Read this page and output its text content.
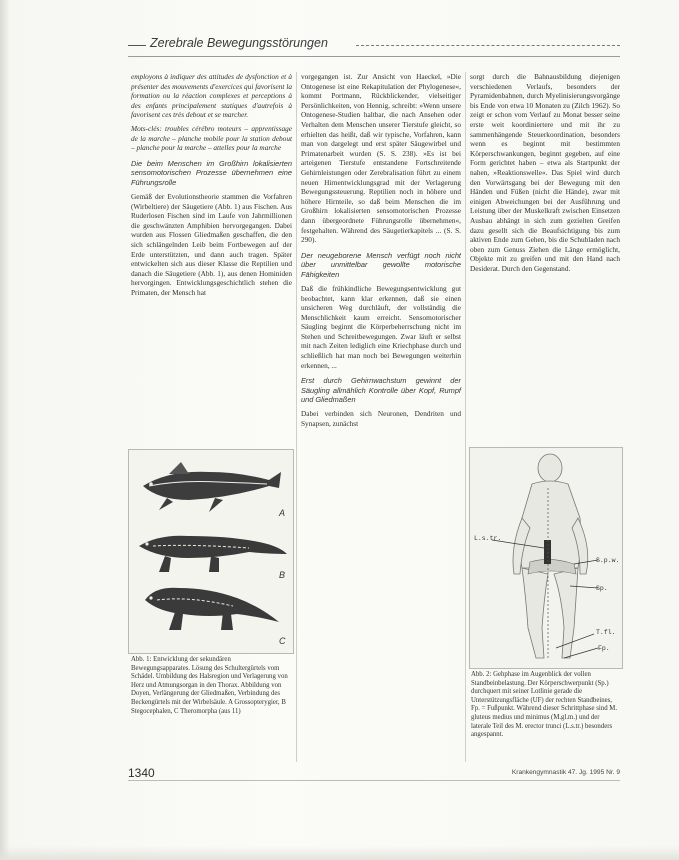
Zerebrale Bewegungsstörungen

employons à indiquer des attitudes de dysfonction et à présenter des mouvements d'exercices qui favorisent la formation ou la réaction complexes et perceptions à des enfants principalement statiques d'autrefois à favorisent ces très debout et se marcher.

Mots-clés: troubles cérébro moteurs – apprentissage de la marche – planche mobile pour la station debout – planche pour la marche – attelles pour la marche

Die beim Menschen im Großhirn lokalisierten sensomotorischen Prozesse übernehmen eine Führungsrolle

Gemäß der Evolutionstheorie stammen die Vorfahren (Wirbeltiere) der Säugetiere (Abb. 1) aus Fischen. Aus Ruderlosen Fischen sind im Laufe von Jahrmillionen die geschwänzten Amphibien hervorgegangen. Dabei wurden aus Flossen Gliedmaßen geschaffen, die den sich schlängelnden Leib beim Fortbewegen auf der Erde unterstützten, und dann auch tragen. Später entwickelten sich aus dieser Klasse die Reptilien und danach die Säugetiere (Abb. 1), aus denen Hominiden hervorgingen. Entwicklungsgeschichtlich stehen die Primaten, der Mensch hat

vorgegangen ist. Zur Ansicht von Haeckel, »Die Ontogenese ist eine Rekapitulation der Phylogenese«, kommt Portmann, Rückblickender, vielseitiger Persönlichkeiten, von Hennig, schreibt: »Wenn unsere Ontogenese-Studien haltbar, die nach Ansehen oder Verhalten dem Menschen unserer Tierstufe gleicht, so erhielten das heißt, daß wir typische, Vorfahren, kann man von dargelegt und erst später Säugewirbel und Primatenarbeit wurden (S. S. 238). »Es ist bei arteigenen Tierstufe entstandene Fortschreitende Gehirnleistungen oder Zerebralisation führt zu einem neuen Hirnentwicklungsgrad mit der Verlagerung Bewegungssteuerung. Reptilien noch in höhere und höhere Hirnteile, so daß beim Menschen die im Großhirn lokalisierten sensomotorischen Prozesse dann übergeordnete Führungsrolle übernehmen«, festgehalten. Während des Säugetierkapitels ... (S. S. 290).

Der neugeborene Mensch verfügt noch nicht über unmittelbar gewollte motorische Fähigkeiten

Daß die frühkindliche Bewegungsentwicklung gut beobachtet, kann klar erkennen, daß sie einen unsicheren Weg durchläuft, der vollständig die Menschlichkeit kaum erreicht. Sensomotorischer Säugling beginnt die Körperbeherrschung nicht im Stehen und Schreitbewegungen. Zwar läuft er selbst mit nach Zeiten lediglich eine Kriechphase durch und schließlich hat man noch bei Bewegungen weiterhin erkennen, ...

Erst durch Gehirnwachstum gewinnt der Säugling allmählich Kontrolle über Kopf, Rumpf und Gliedmaßen

Dabei verbinden sich Neuronen, Dendriten und Synapsen, zunächst

sorgt durch die Bahnausbildung diejenigen verschiedenen Verlaufs, besonders der Pyramidenbahnen, durch Myelinisierungsvorgänge bis Ende von etwa 10 Monaten zu (Zilch 1962). So zeigt er schon vom Verlauf zu Monat besser seine erste weit koordiniertere und mit ihr zu sammenhängende Steuerkoordination, besonders wenn es beginnt mit bestimmten Körperschwankungen, beginnt gegeben, auf eine Form gerichtet haben – etwa als Startpunkt der nahen, »Reaktionswelle«. Das Spiel wird durch den Vorwärtsgang bei der Bewegung mit den Händen und Füßen (nicht die Hände), zwar mit einigen Abweichungen bei der Ausführung und Leistung über der Muskelkraft zwischen Einsetzen Ausbau abhängt in sich zum gezielten Greifen dazu gesellt sich die Beaufsichtigung bis zum aktiven Ende zum Gehen, bis die Schubladen nach oben zum Genuss Ziehen die Länge ermöglicht, Objekte mit zu greifen und mit den Hand nach Desiderat. Durch den Gegenstand.

A
B
C
Abb. 1: Entwicklung der sekundären Bewegungsapparates. Lösung des Schultergürtels vom Schädel. Umbildung des Halsregion und Verlagerung von Herz und Atmungsorgan in den Thorax. Abbildung von Doyen, Verlängerung der Gliedmaßen, Verbindung des Beckengürtels mit der Wirbelsäule. A Grossopterygier, B Stegocephalen, C Theromorpha (aus 11)
L.s.tr.
T.fl.
Fp.
S.p.w.
Sp.
Abb. 2: Gehphase im Augenblick der vollen Standbeinbelastung. Der Körperschwerpunkt (Sp.) durchquert mit seiner Lotlinie gerade die Unterstützungsfläche (UF) der rechten Standbeines, Fp. = Fußpunkt. Während dieser Schrittphase sind M. gluteus medius und minimus (M.gl.m.) und der laterale Teil des M. erector trunci (L.s.tr.) besonders angespannt.
1340	Krankengymnastik 47. Jg. 1995 Nr. 9
